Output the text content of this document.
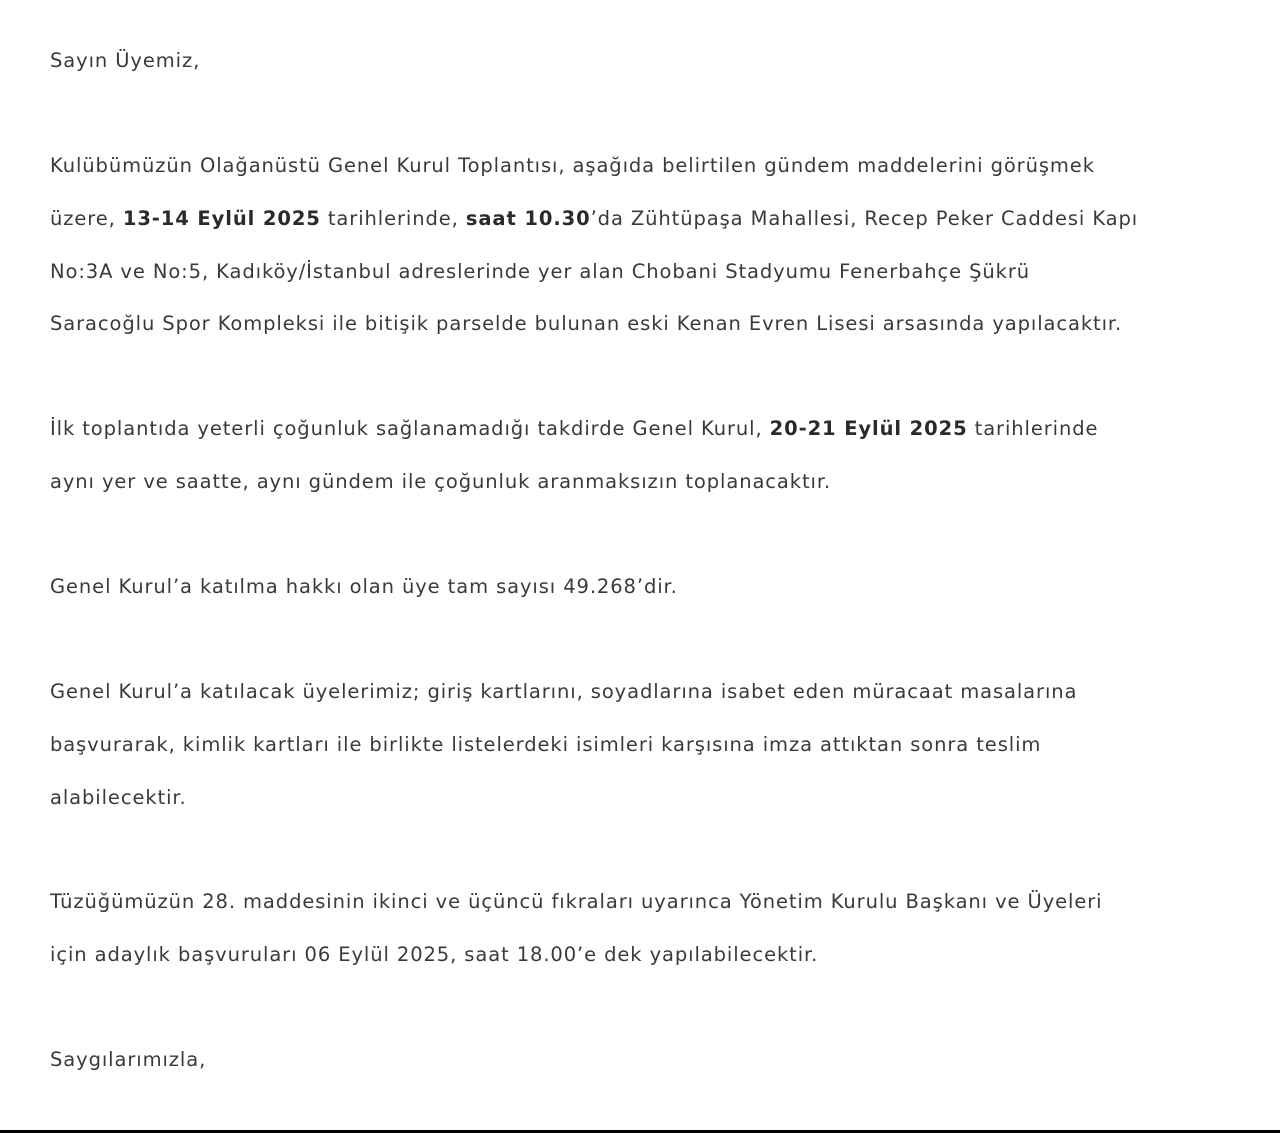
Sayın Üyemiz,
Kulübümüzün Olağanüstü Genel Kurul Toplantısı, aşağıda belirtilen gündem maddelerini görüşmek
üzere, 13-14 Eylül 2025 tarihlerinde, saat 10.30’da Zühtüpaşa Mahallesi, Recep Peker Caddesi Kapı
No:3A ve No:5, Kadıköy/İstanbul adreslerinde yer alan Chobani Stadyumu Fenerbahçe Şükrü
Saracoğlu Spor Kompleksi ile bitişik parselde bulunan eski Kenan Evren Lisesi arsasında yapılacaktır.
İlk toplantıda yeterli çoğunluk sağlanamadığı takdirde Genel Kurul, 20-21 Eylül 2025 tarihlerinde
aynı yer ve saatte, aynı gündem ile çoğunluk aranmaksızın toplanacaktır.
Genel Kurul’a katılma hakkı olan üye tam sayısı 49.268’dir.
Genel Kurul’a katılacak üyelerimiz; giriş kartlarını, soyadlarına isabet eden müracaat masalarına
başvurarak, kimlik kartları ile birlikte listelerdeki isimleri karşısına imza attıktan sonra teslim
alabilecektir.
Tüzüğümüzün 28. maddesinin ikinci ve üçüncü fıkraları uyarınca Yönetim Kurulu Başkanı ve Üyeleri
için adaylık başvuruları 06 Eylül 2025, saat 18.00’e dek yapılabilecektir.
Saygılarımızla,
